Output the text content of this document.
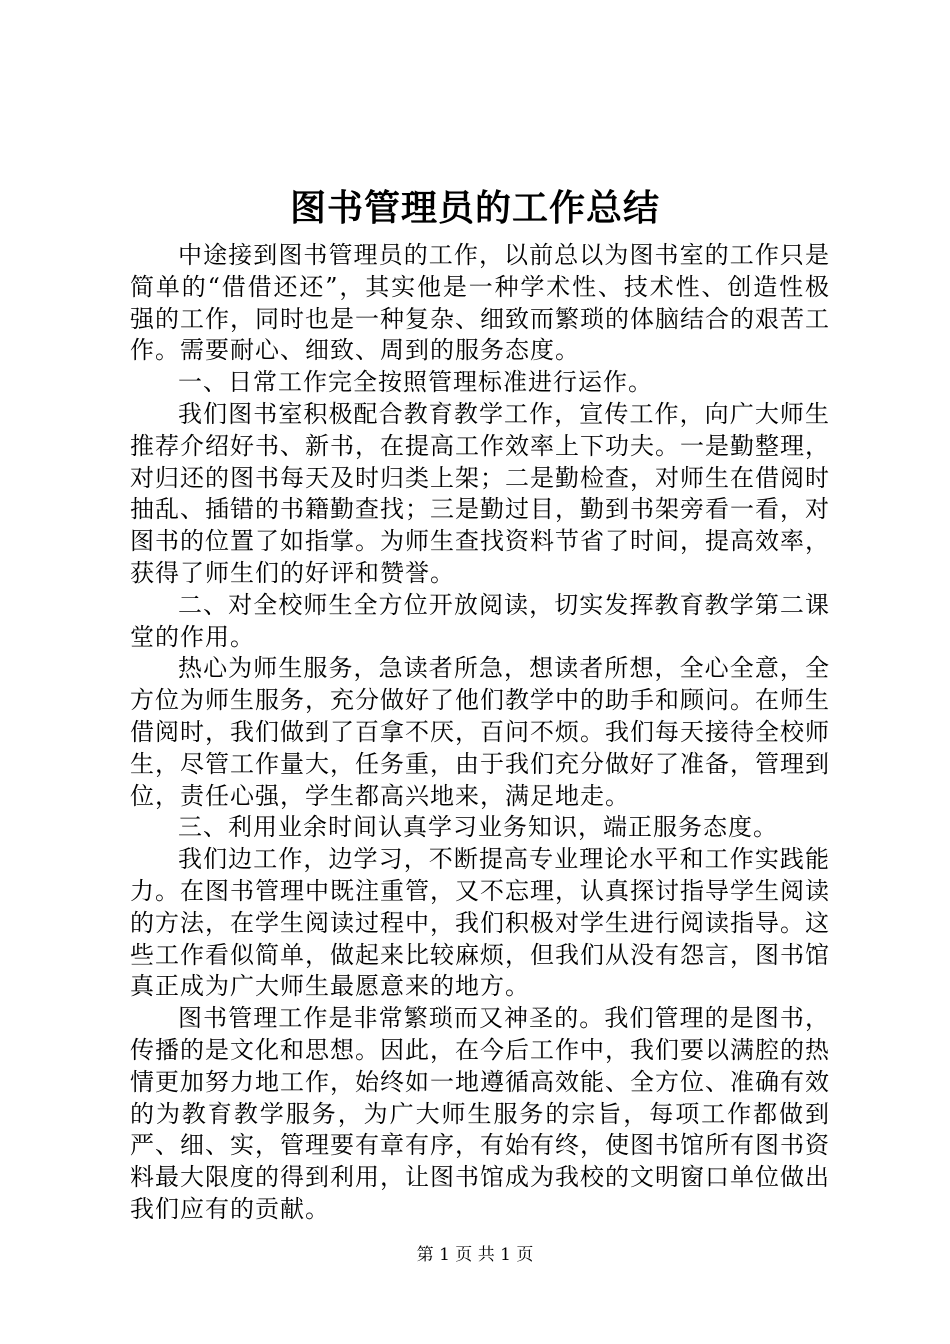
图书管理员的工作总结

中途接到图书管理员的工作，以前总以为图书室的工作只是简单的“借借还还”，其实他是一种学术性、技术性、创造性极强的工作，同时也是一种复杂、细致而繁琐的体脑结合的艰苦工作。需要耐心、细致、周到的服务态度。

一、日常工作完全按照管理标准进行运作。

我们图书室积极配合教育教学工作，宣传工作，向广大师生推荐介绍好书、新书，在提高工作效率上下功夫。一是勤整理，对归还的图书每天及时归类上架；二是勤检查，对师生在借阅时抽乱、插错的书籍勤查找；三是勤过目，勤到书架旁看一看，对图书的位置了如指掌。为师生查找资料节省了时间，提高效率，获得了师生们的好评和赞誉。

二、对全校师生全方位开放阅读，切实发挥教育教学第二课堂的作用。

热心为师生服务，急读者所急，想读者所想，全心全意，全方位为师生服务，充分做好了他们教学中的助手和顾问。在师生借阅时，我们做到了百拿不厌，百问不烦。我们每天接待全校师生，尽管工作量大，任务重，由于我们充分做好了准备，管理到位，责任心强，学生都高兴地来，满足地走。

三、利用业余时间认真学习业务知识，端正服务态度。

我们边工作，边学习，不断提高专业理论水平和工作实践能力。在图书管理中既注重管，又不忘理，认真探讨指导学生阅读的方法，在学生阅读过程中，我们积极对学生进行阅读指导。这些工作看似简单，做起来比较麻烦，但我们从没有怨言，图书馆真正成为广大师生最愿意来的地方。

图书管理工作是非常繁琐而又神圣的。我们管理的是图书，传播的是文化和思想。因此，在今后工作中，我们要以满腔的热情更加努力地工作，始终如一地遵循高效能、全方位、准确有效的为教育教学服务，为广大师生服务的宗旨，每项工作都做到严、细、实，管理要有章有序，有始有终，使图书馆所有图书资料最大限度的得到利用，让图书馆成为我校的文明窗口单位做出我们应有的贡献。

第 1 页 共 1 页
